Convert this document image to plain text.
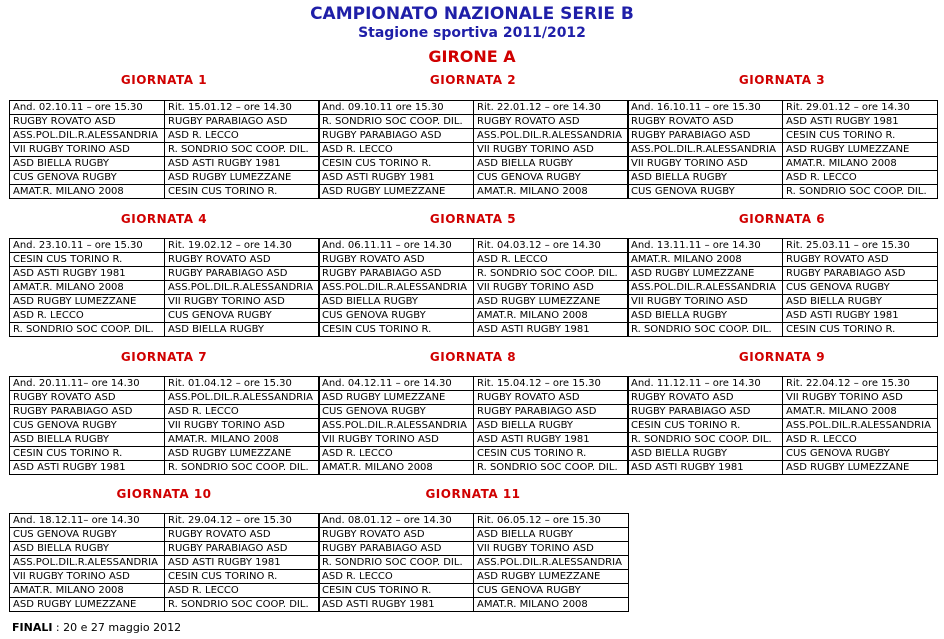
CAMPIONATO NAZIONALE SERIE B
Stagione sportiva 2011/2012
GIRONE A
GIORNATA 1
And. 02.10.11 – ore 15.30	Rit. 15.01.12 – ore 14.30
RUGBY ROVATO ASD	RUGBY PARABIAGO ASD
ASS.POL.DIL.R.ALESSANDRIA	ASD R. LECCO
VII RUGBY TORINO ASD	R. SONDRIO SOC COOP. DIL.
ASD BIELLA RUGBY	ASD ASTI RUGBY 1981
CUS GENOVA RUGBY	ASD RUGBY LUMEZZANE
AMAT.R. MILANO 2008	CESIN CUS TORINO R.
GIORNATA 2
And. 09.10.11 ore 15.30	Rit. 22.01.12 – ore 14.30
R. SONDRIO SOC COOP. DIL.	RUGBY ROVATO ASD
RUGBY PARABIAGO ASD	ASS.POL.DIL.R.ALESSANDRIA
ASD R. LECCO	VII RUGBY TORINO ASD
CESIN CUS TORINO R.	ASD BIELLA RUGBY
ASD ASTI RUGBY 1981	CUS GENOVA RUGBY
ASD RUGBY LUMEZZANE	AMAT.R. MILANO 2008
GIORNATA 3
And. 16.10.11 – ore 15.30	Rit. 29.01.12 – ore 14.30
RUGBY ROVATO ASD	ASD ASTI RUGBY 1981
RUGBY PARABIAGO ASD	CESIN CUS TORINO R.
ASS.POL.DIL.R.ALESSANDRIA	ASD RUGBY LUMEZZANE
VII RUGBY TORINO ASD	AMAT.R. MILANO 2008
ASD BIELLA RUGBY	ASD R. LECCO
CUS GENOVA RUGBY	R. SONDRIO SOC COOP. DIL.
GIORNATA 4
And. 23.10.11 – ore 15.30	Rit. 19.02.12 – ore 14.30
CESIN CUS TORINO R.	RUGBY ROVATO ASD
ASD ASTI RUGBY 1981	RUGBY PARABIAGO ASD
AMAT.R. MILANO 2008	ASS.POL.DIL.R.ALESSANDRIA
ASD RUGBY LUMEZZANE	VII RUGBY TORINO ASD
ASD R. LECCO	CUS GENOVA RUGBY
R. SONDRIO SOC COOP. DIL.	ASD BIELLA RUGBY
GIORNATA 5
And. 06.11.11 – ore 14.30	Rit. 04.03.12 – ore 14.30
RUGBY ROVATO ASD	ASD R. LECCO
RUGBY PARABIAGO ASD	R. SONDRIO SOC COOP. DIL.
ASS.POL.DIL.R.ALESSANDRIA	VII RUGBY TORINO ASD
ASD BIELLA RUGBY	ASD RUGBY LUMEZZANE
CUS GENOVA RUGBY	AMAT.R. MILANO 2008
CESIN CUS TORINO R.	ASD ASTI RUGBY 1981
GIORNATA 6
And. 13.11.11 – ore 14.30	Rit. 25.03.11 – ore 15.30
AMAT.R. MILANO 2008	RUGBY ROVATO ASD
ASD RUGBY LUMEZZANE	RUGBY PARABIAGO ASD
ASS.POL.DIL.R.ALESSANDRIA	CUS GENOVA RUGBY
VII RUGBY TORINO ASD	ASD BIELLA RUGBY
ASD BIELLA RUGBY	ASD ASTI RUGBY 1981
R. SONDRIO SOC COOP. DIL.	CESIN CUS TORINO R.
GIORNATA 7
And. 20.11.11– ore 14.30	Rit. 01.04.12 – ore 15.30
RUGBY ROVATO ASD	ASS.POL.DIL.R.ALESSANDRIA
RUGBY PARABIAGO ASD	ASD R. LECCO
CUS GENOVA RUGBY	VII RUGBY TORINO ASD
ASD BIELLA RUGBY	AMAT.R. MILANO 2008
CESIN CUS TORINO R.	ASD RUGBY LUMEZZANE
ASD ASTI RUGBY 1981	R. SONDRIO SOC COOP. DIL.
GIORNATA 8
And. 04.12.11 – ore 14.30	Rit. 15.04.12 – ore 15.30
ASD RUGBY LUMEZZANE	RUGBY ROVATO ASD
CUS GENOVA RUGBY	RUGBY PARABIAGO ASD
ASS.POL.DIL.R.ALESSANDRIA	ASD BIELLA RUGBY
VII RUGBY TORINO ASD	ASD ASTI RUGBY 1981
ASD R. LECCO	CESIN CUS TORINO R.
AMAT.R. MILANO 2008	R. SONDRIO SOC COOP. DIL.
GIORNATA 9
And. 11.12.11 – ore 14.30	Rit. 22.04.12 – ore 15.30
RUGBY ROVATO ASD	VII RUGBY TORINO ASD
RUGBY PARABIAGO ASD	AMAT.R. MILANO 2008
CESIN CUS TORINO R.	ASS.POL.DIL.R.ALESSANDRIA
R. SONDRIO SOC COOP. DIL.	ASD R. LECCO
ASD BIELLA RUGBY	CUS GENOVA RUGBY
ASD ASTI RUGBY 1981	ASD RUGBY LUMEZZANE
GIORNATA 10
And. 18.12.11– ore 14.30	Rit. 29.04.12 – ore 15.30
CUS GENOVA RUGBY	RUGBY ROVATO ASD
ASD BIELLA RUGBY	RUGBY PARABIAGO ASD
ASS.POL.DIL.R.ALESSANDRIA	ASD ASTI RUGBY 1981
VII RUGBY TORINO ASD	CESIN CUS TORINO R.
AMAT.R. MILANO 2008	ASD R. LECCO
ASD RUGBY LUMEZZANE	R. SONDRIO SOC COOP. DIL.
GIORNATA 11
And. 08.01.12 – ore 14.30	Rit. 06.05.12 – ore 15.30
RUGBY ROVATO ASD	ASD BIELLA RUGBY
RUGBY PARABIAGO ASD	VII RUGBY TORINO ASD
R. SONDRIO SOC COOP. DIL.	ASS.POL.DIL.R.ALESSANDRIA
ASD R. LECCO	ASD RUGBY LUMEZZANE
CESIN CUS TORINO R.	CUS GENOVA RUGBY
ASD ASTI RUGBY 1981	AMAT.R. MILANO 2008
FINALI : 20 e 27 maggio 2012
